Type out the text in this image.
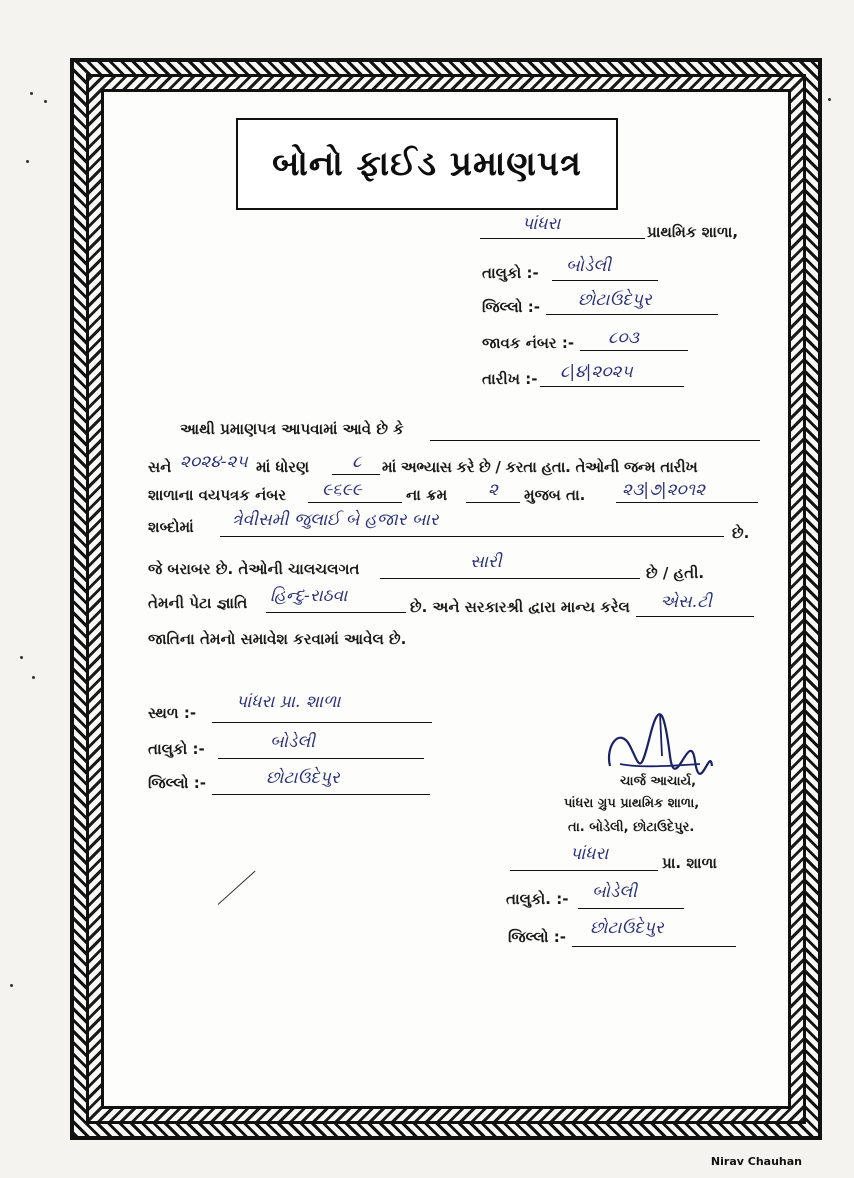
બોનો ફાઈડ પ્રમાણપત્ર
પાંધરા	પ્રાથમિક શાળા,
તાલુકો :- બોડેલી
જિલ્લો :- છોટાઉદેપુર
જાવક નંબર :- ૮૦૩
તારીખ :- ૮|૪|૨૦૨૫
આથી પ્રમાણપત્ર આપવામાં આવે છે કે
સને ૨૦૨૪-૨૫ માં ધોરણ	૮ માં અભ્યાસ કરે છે / કરતા હતા. તેઓની જન્મ તારીખ
શાળાના વયપત્રક નંબર ૯૬૯૯	ના ક્રમ ૨ મુજબ તા. ૨૩|૭|૨૦૧૨
શબ્દોમાં ત્રેવીસમી જુલાઈ બે હજાર બાર
છે.
જે બરાબર છે. તેઓની ચાલચલગત	સારી
છે / હતી.
તેમની પેટા જ્ઞાતિ હિન્દુ-રાઠવા
છે. અને સરકારશ્રી દ્વારા માન્ય કરેલ એસ.ટી
જાતિના તેમનો સમાવેશ કરવામાં આવેલ છે.
સ્થળ :-
પાંધરા પ્રા. શાળા
તાલુકો :-	બોડેલી
જિલ્લો :-	છોટાઉદેપુર	ચાર્જ આચાર્ય,
પાંધરા ગ્રુપ પ્રાથમિક શાળા,
તા. બોડેલી, છોટાઉદેપુર.
પાંધરા	પ્રા. શાળા
તાલુકો. :- બોડેલી
જિલ્લો :- છોટાઉદેપુર
Nirav Chauhan
